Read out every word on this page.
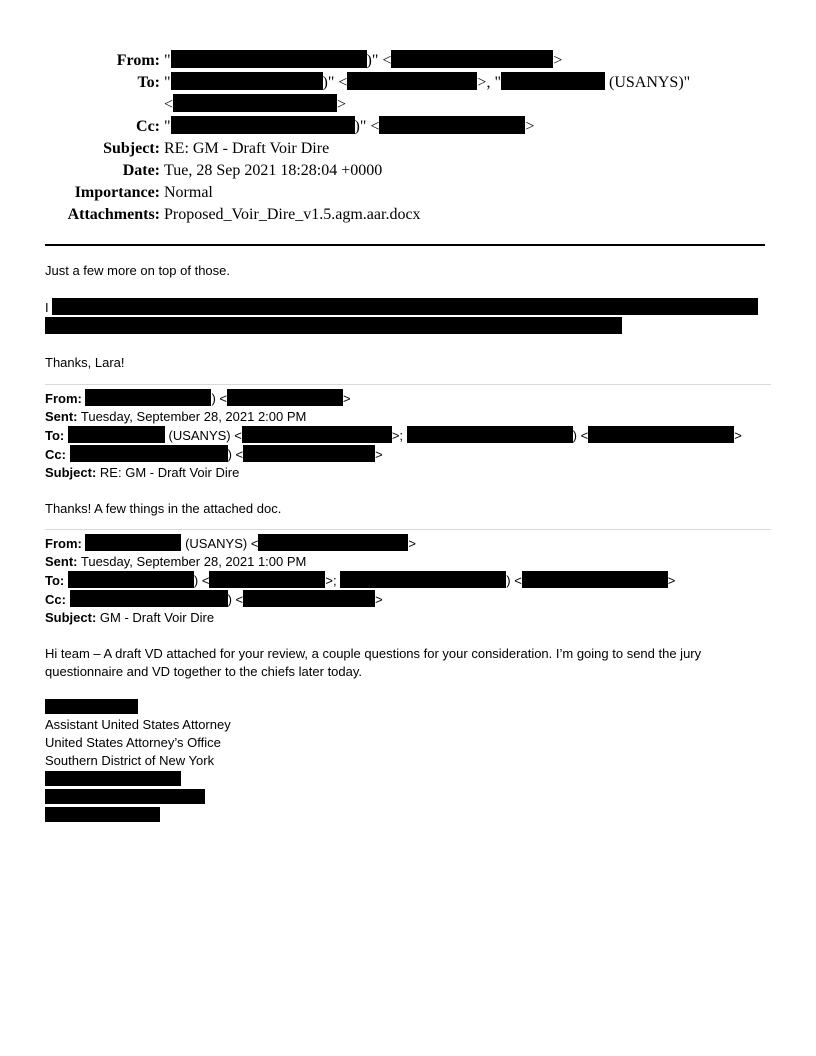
From: "	)" <	>
To: "	)" <	>, "	(USANYS)"
<	>
Cc: "	)" <	>
Subject: RE: GM - Draft Voir Dire
Date: Tue, 28 Sep 2021 18:28:04 +0000
Importance: Normal
Attachments: Proposed_Voir_Dire_v1.5.agm.aar.docx

Just a few more on top of those.

I

Thanks, Lara!

From:	) <	>
Sent: Tuesday, September 28, 2021 2:00 PM
To:	(USANYS) <	>;	) <	>
Cc:	) <	>
Subject: RE: GM - Draft Voir Dire

Thanks! A few things in the attached doc.

From:	(USANYS) <	>
Sent: Tuesday, September 28, 2021 1:00 PM
To:	) <	>;	) <	>
Cc:	) <	>
Subject: GM - Draft Voir Dire

Hi team – A draft VD attached for your review, a couple questions for your consideration. I’m going to send the jury questionnaire and VD together to the chiefs later today.

Assistant United States Attorney
United States Attorney’s Office
Southern District of New York
